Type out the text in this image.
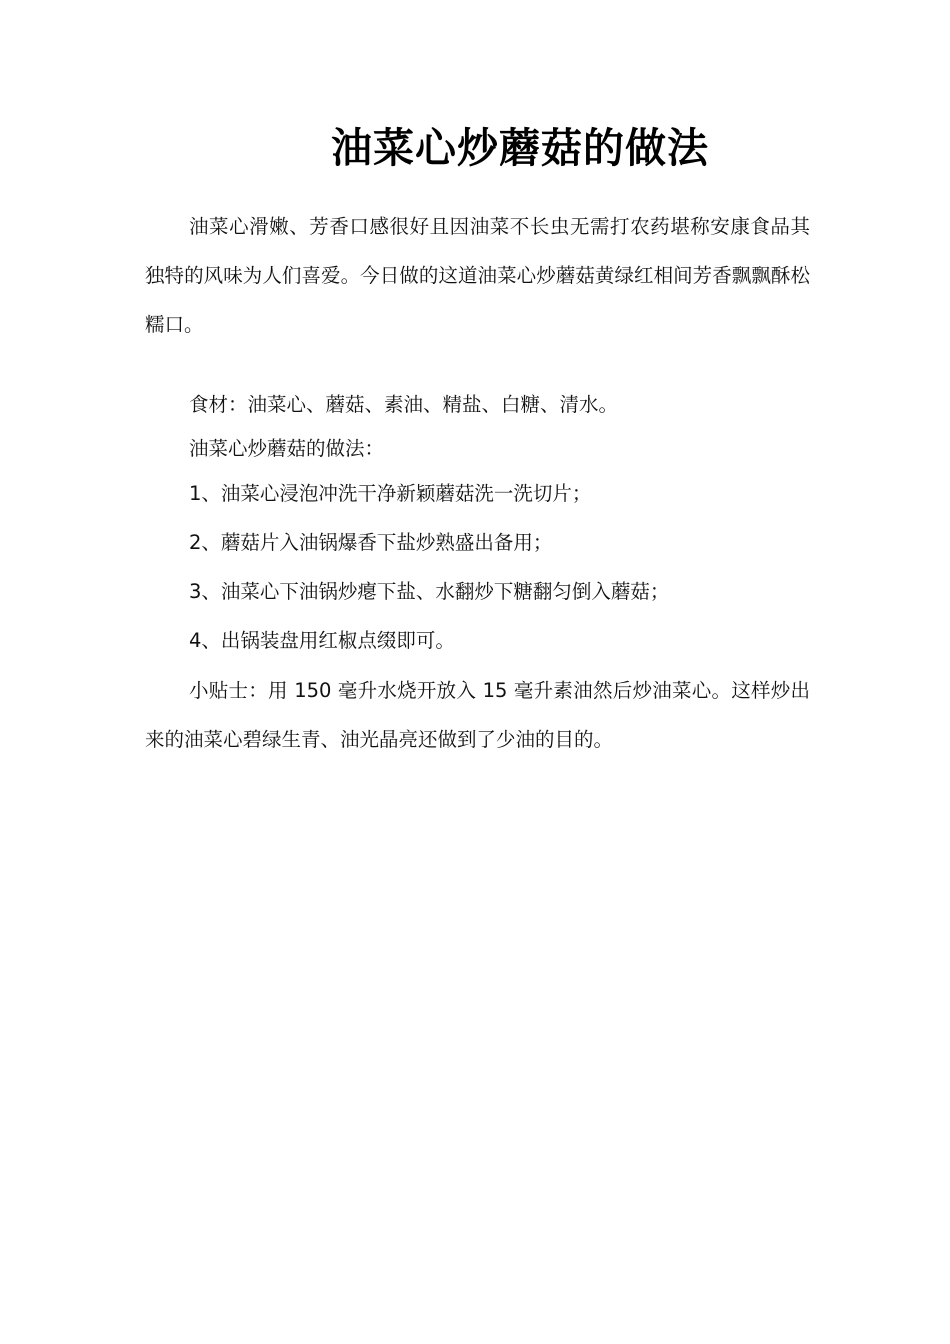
油菜心炒蘑菇的做法

油菜心滑嫩、芳香口感很好且因油菜不长虫无需打农药堪称安康食品其独特的风味为人们喜爱。今日做的这道油菜心炒蘑菇黄绿红相间芳香飘飘酥松糯口。

食材：油菜心、蘑菇、素油、精盐、白糖、清水。

油菜心炒蘑菇的做法：

1、油菜心浸泡冲洗干净新颖蘑菇洗一洗切片；

2、蘑菇片入油锅爆香下盐炒熟盛出备用；

3、油菜心下油锅炒瘪下盐、水翻炒下糖翻匀倒入蘑菇；

4、出锅装盘用红椒点缀即可。

小贴士：用 150 毫升水烧开放入 15 毫升素油然后炒油菜心。这样炒出来的油菜心碧绿生青、油光晶亮还做到了少油的目的。
